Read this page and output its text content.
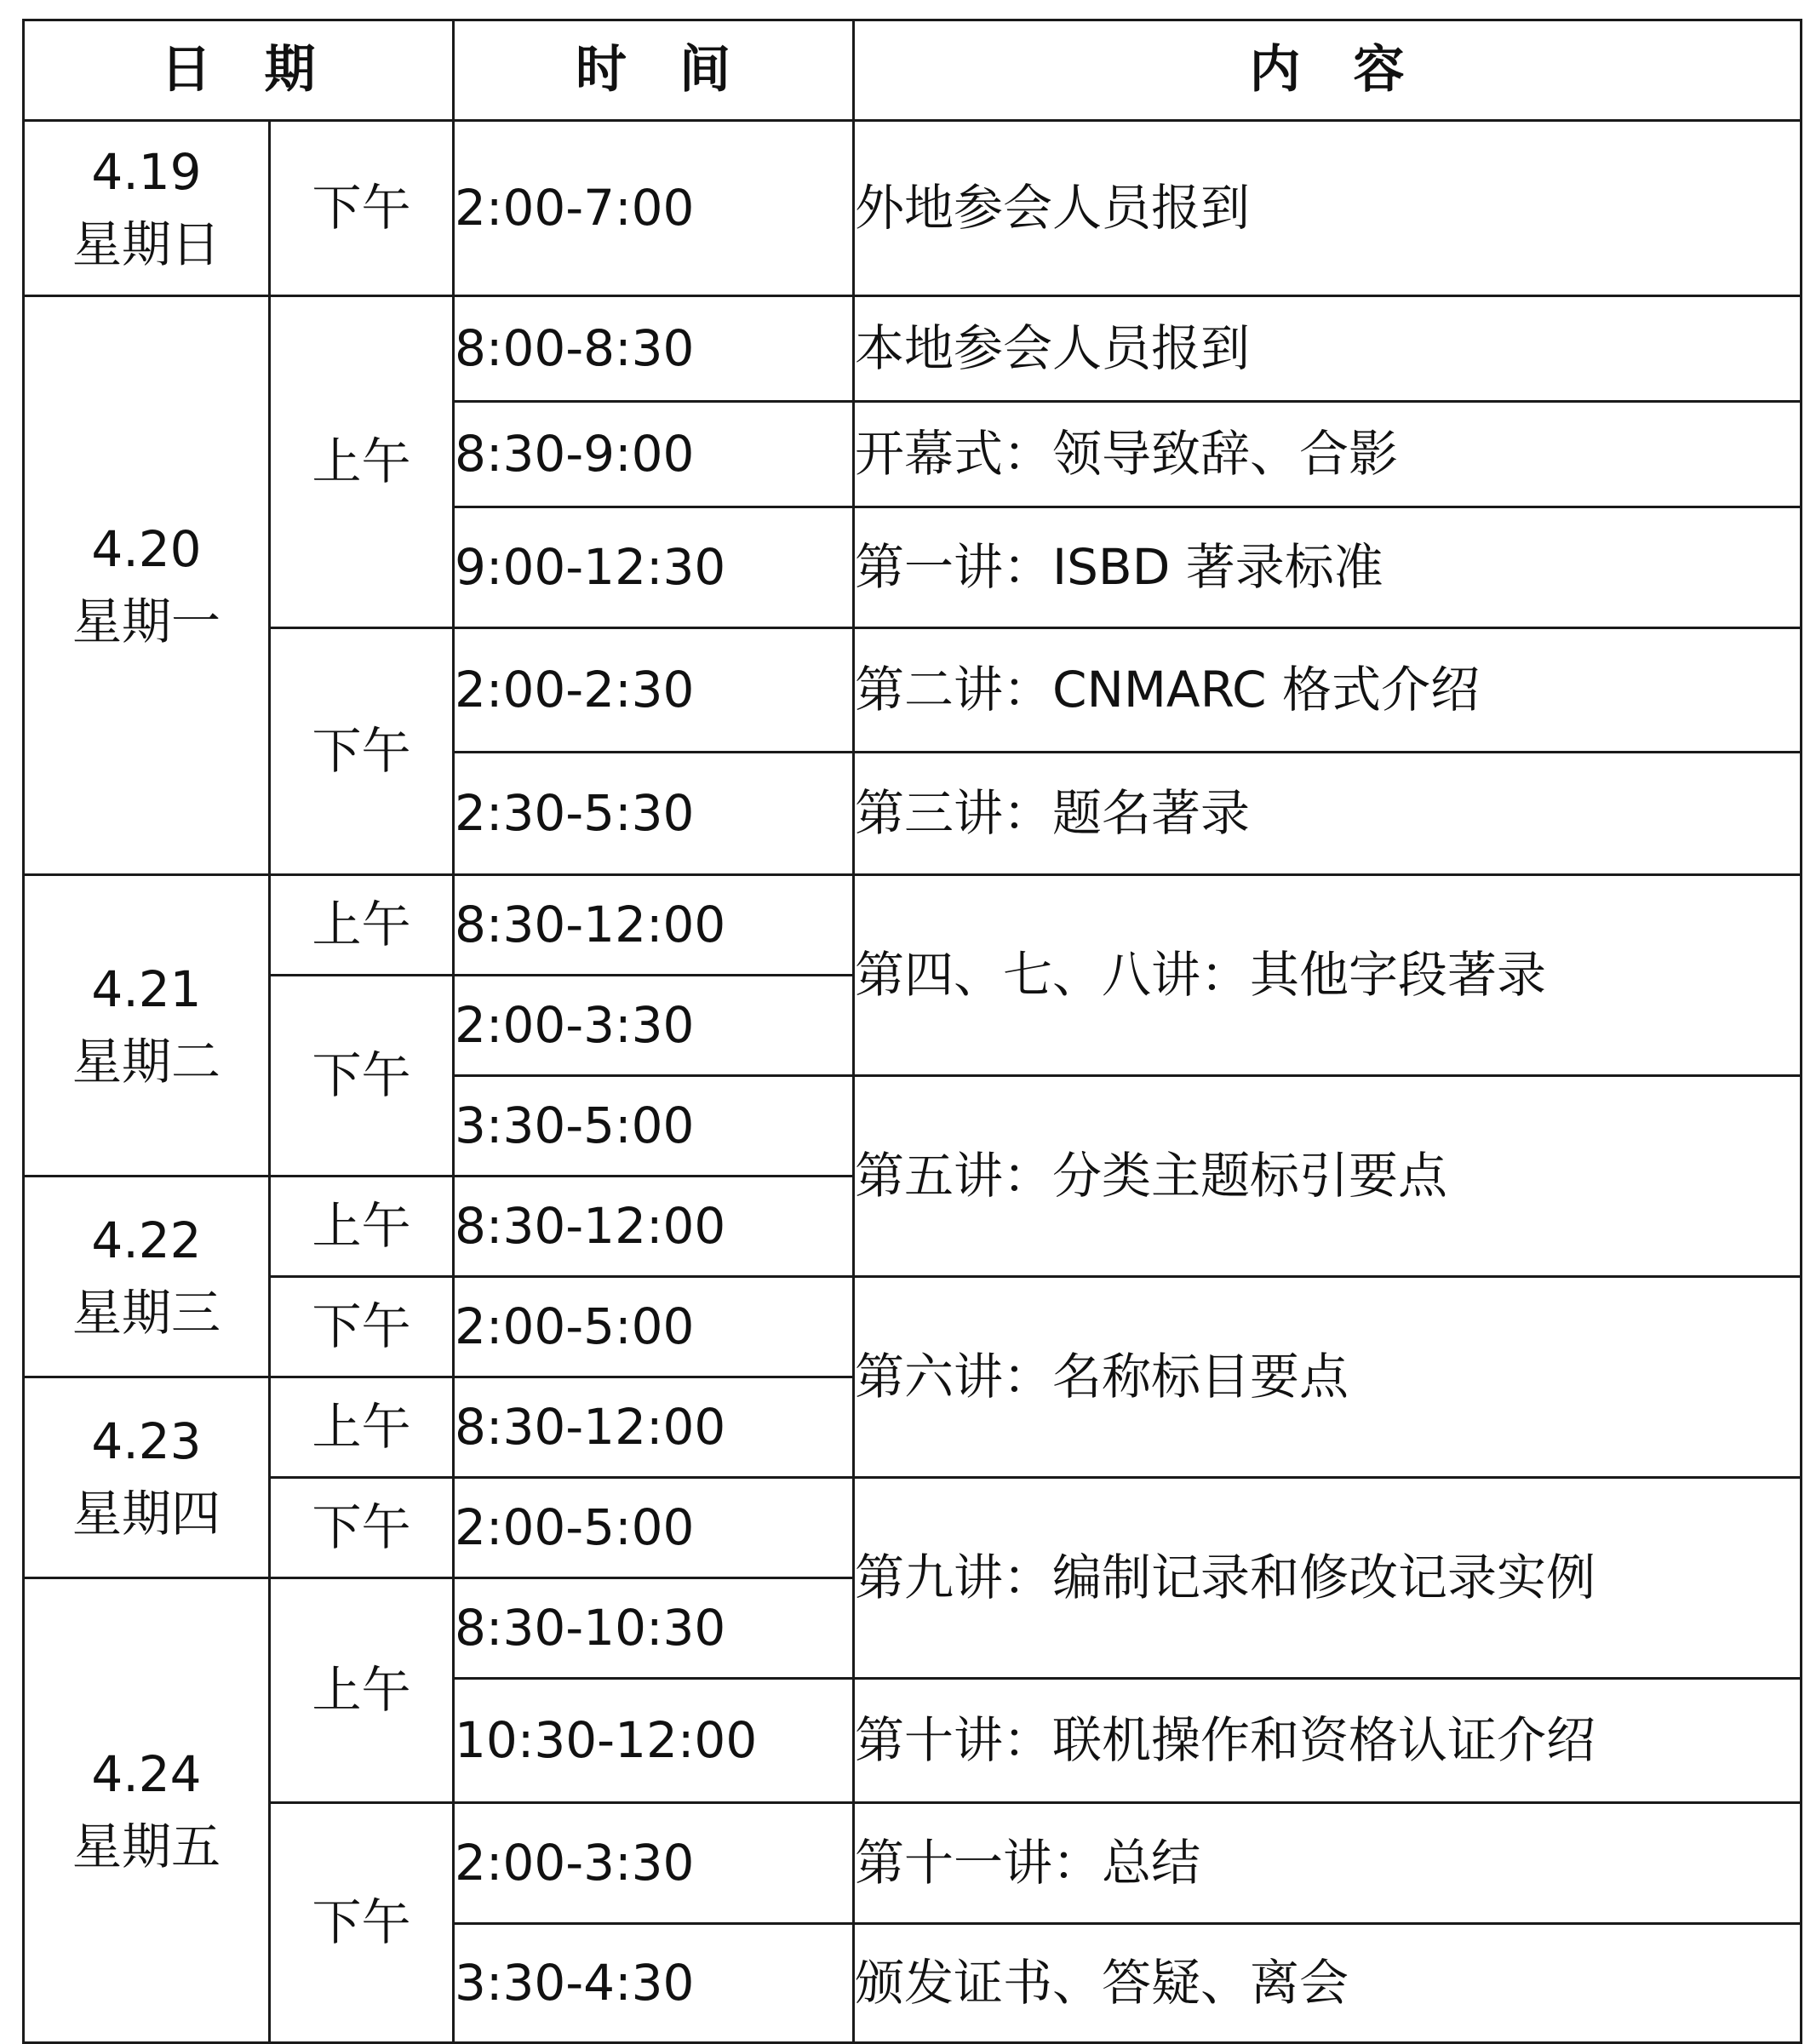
日　期		时　间	内　容

4.19
星期日	下午	2:00-7:00	外地参会人员报到

4.20
星期一	上午	8:00-8:30	本地参会人员报到
		8:30-9:00	开幕式：领导致辞、合影
		9:00-12:30	第一讲：ISBD 著录标准
	下午	2:00-2:30	第二讲：CNMARC 格式介绍
		2:30-5:30	第三讲：题名著录

4.21
星期二	上午	8:30-12:00	第四、七、八讲：其他字段著录
	下午	2:00-3:30	
		3:30-5:00	第五讲：分类主题标引要点

4.22
星期三	上午	8:30-12:00	
	下午	2:00-5:00	第六讲：名称标目要点

4.23
星期四	上午	8:30-12:00	
	下午	2:00-5:00	第九讲：编制记录和修改记录实例

4.24
星期五	上午	8:30-10:30	
		10:30-12:00	第十讲：联机操作和资格认证介绍
	下午	2:00-3:30	第十一讲：总结
		3:30-4:30	颁发证书、答疑、离会
